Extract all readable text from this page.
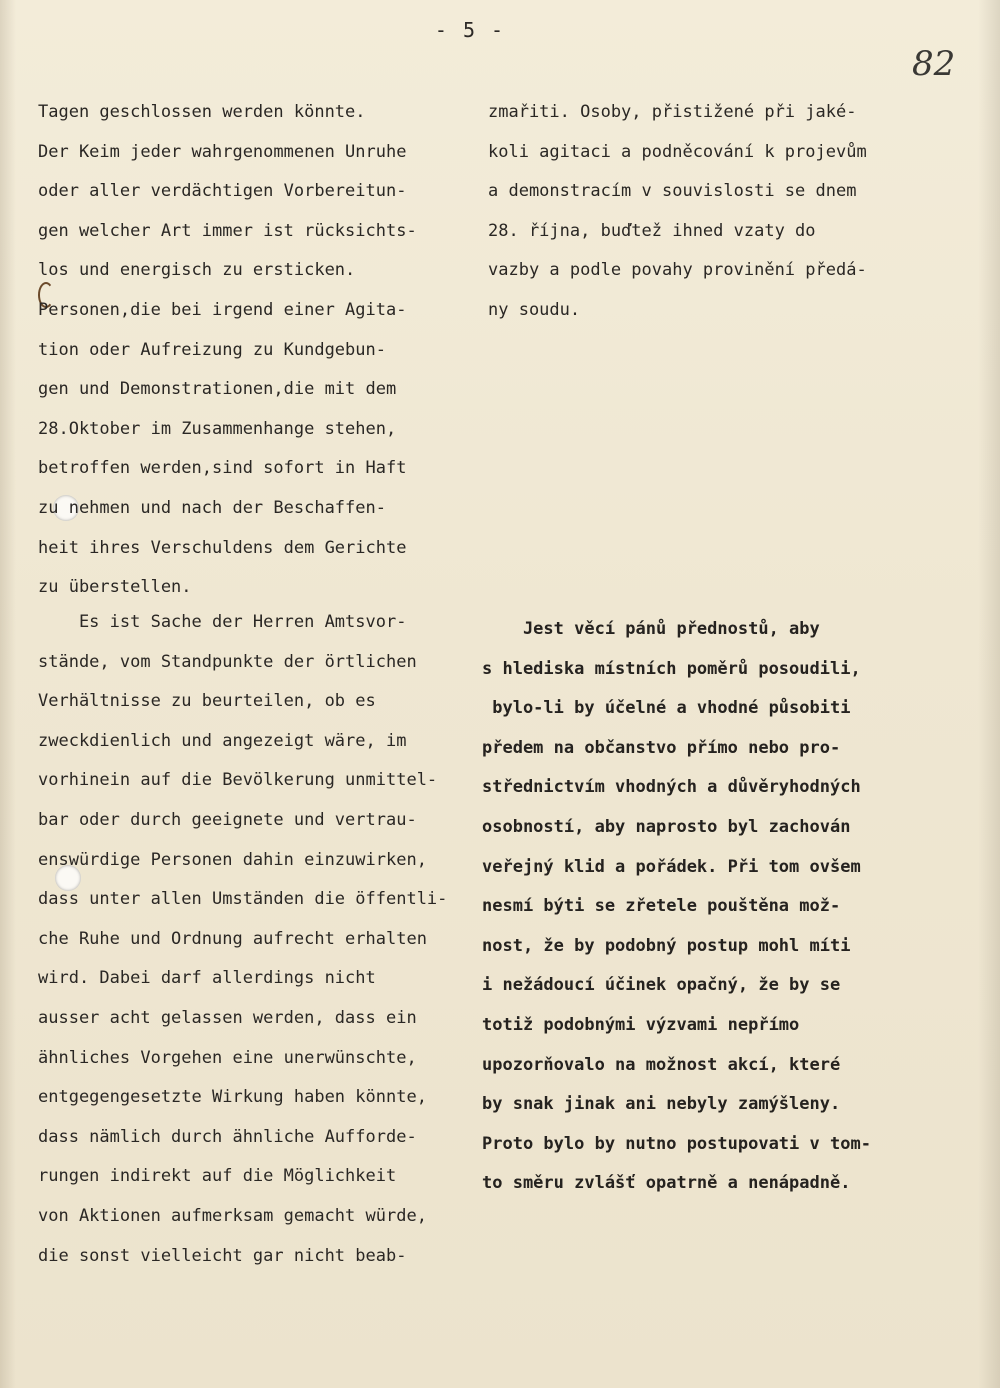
- 5 -
82
Tagen geschlossen werden könnte.
Der Keim jeder wahrgenommenen Unruhe
oder aller verdächtigen Vorbereitun-
gen welcher Art immer ist rücksichts-
los und energisch zu ersticken.
Personen,die bei irgend einer Agita-
tion oder Aufreizung zu Kundgebun-
gen und Demonstrationen,die mit dem
28.Oktober im Zusammenhange stehen,
betroffen werden,sind sofort in Haft
zu nehmen und nach der Beschaffen-
heit ihres Verschuldens dem Gerichte
zu überstellen.
zmařiti. Osoby, přistižené při jaké-
koli agitaci a podněcování k projevům
a demonstracím v souvislosti se dnem
28. října, buďtež ihned vzaty do
vazby a podle povahy provinění předá-
ny soudu.
Es ist Sache der Herren Amtsvor-
stände, vom Standpunkte der örtlichen
Verhältnisse zu beurteilen, ob es
zweckdienlich und angezeigt wäre, im
vorhinein auf die Bevölkerung unmittel-
bar oder durch geeignete und vertrau-
enswürdige Personen dahin einzuwirken,
dass unter allen Umständen die öffentli-
che Ruhe und Ordnung aufrecht erhalten
wird. Dabei darf allerdings nicht
ausser acht gelassen werden, dass ein
ähnliches Vorgehen eine unerwünschte,
entgegengesetzte Wirkung haben könnte,
dass nämlich durch ähnliche Aufforde-
rungen indirekt auf die Möglichkeit
von Aktionen aufmerksam gemacht würde,
die sonst vielleicht gar nicht beab-
Jest věcí pánů přednostů, aby
s hlediska místních poměrů posoudili,
bylo-li by účelné a vhodné působiti
předem na občanstvo přímo nebo pro-
střednictvím vhodných a důvěryhodných
osobností, aby naprosto byl zachován
veřejný klid a pořádek. Při tom ovšem
nesmí býti se zřetele pouštěna mož-
nost, že by podobný postup mohl míti
i nežádoucí účinek opačný, že by se
totiž podobnými výzvami nepřímo
upozorňovalo na možnost akcí, které
by snak jinak ani nebyly zamýšleny.
Proto bylo by nutno postupovati v tom-
to směru zvlášť opatrně a nenápadně.
